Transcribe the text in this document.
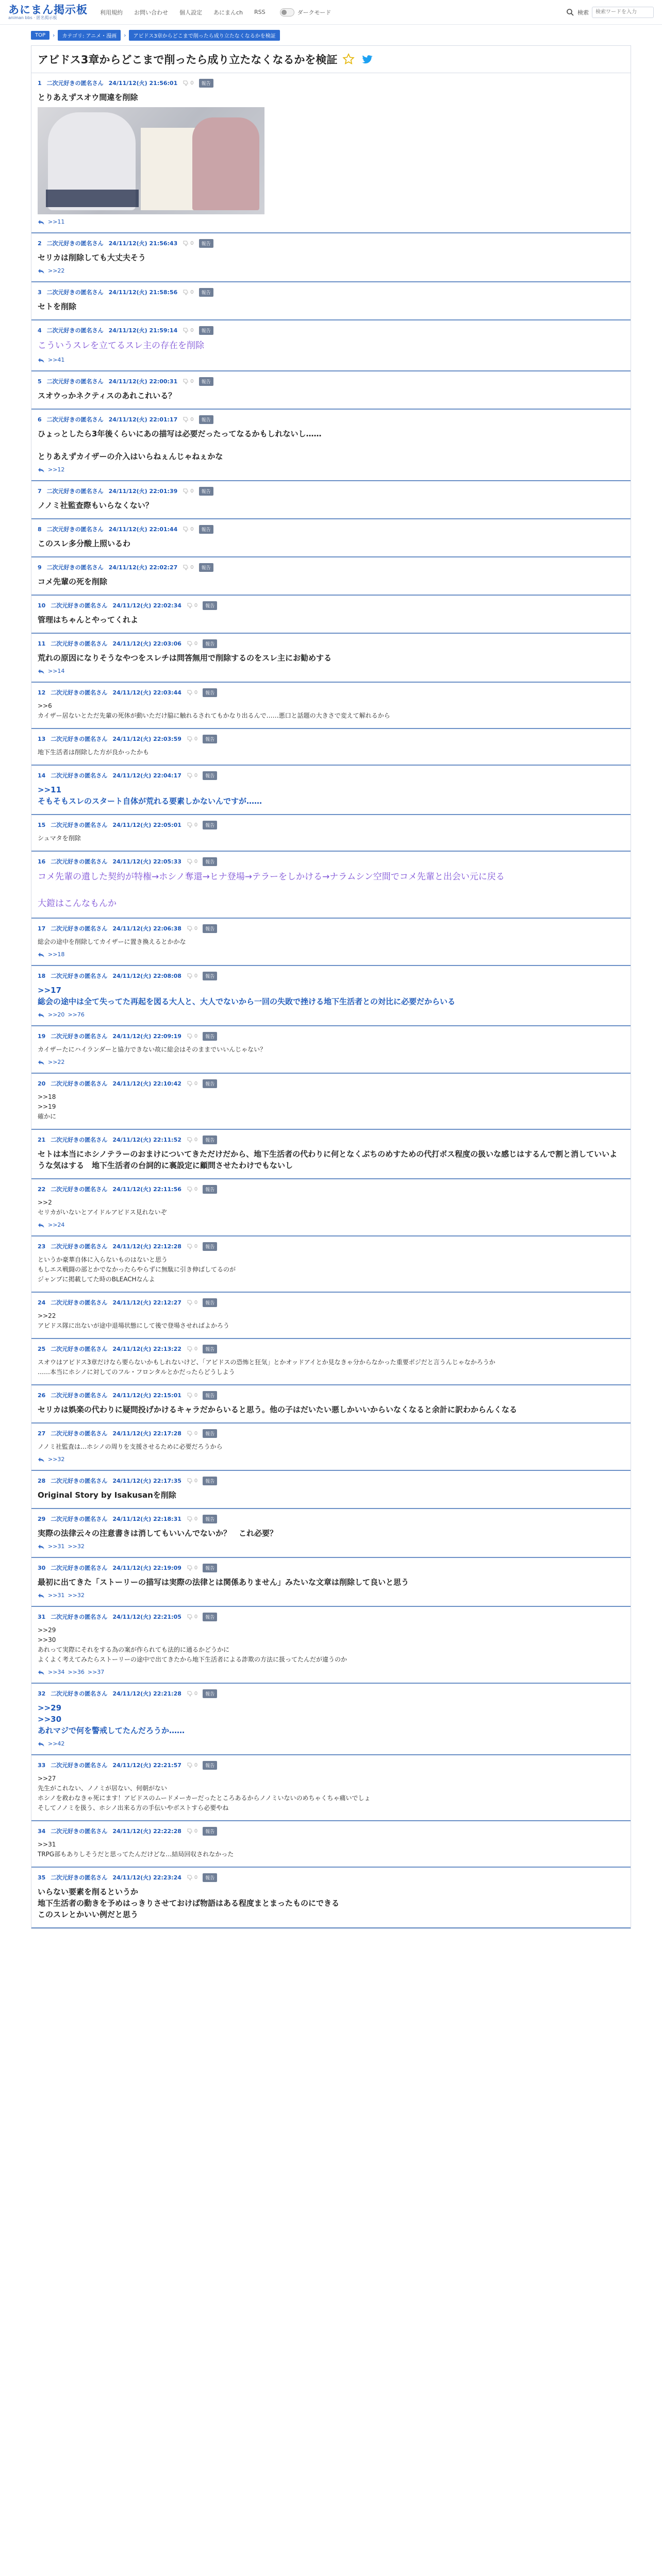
あにまん掲示板
animan bbs · 匿名掲示板
利用規約 お問い合わせ 個人設定 あにまんch RSS	ダークモード	検索
検索ワードを入力
TOP	›	カテゴリ: アニメ・漫画	›	アビドス3章からどこまで削ったら成り立たなくなるかを検証
アビドス3章からどこまで削ったら成り立たなくなるかを検証
1 二次元好きの匿名さん 24/11/12(火) 21:56:01	0	報告
とりあえずスオウ間違を削除
>>11
2 二次元好きの匿名さん 24/11/12(火) 21:56:43	0	報告
セリカは削除しても大丈夫そう
>>22
3 二次元好きの匿名さん 24/11/12(火) 21:58:56	0	報告
セトを削除
4 二次元好きの匿名さん 24/11/12(火) 21:59:14	0	報告
こういうスレを立てるスレ主の存在を削除
>>41
5 二次元好きの匿名さん 24/11/12(火) 22:00:31	0	報告
スオウっかネクティスのあれこれいる？
6 二次元好きの匿名さん 24/11/12(火) 22:01:17	0	報告
ひょっとしたら3年後くらいにあの描写は必要だったってなるかもしれないし……

とりあえずカイザーの介入はいらねぇんじゃねぇかな
>>12
7 二次元好きの匿名さん 24/11/12(火) 22:01:39	0	報告
ノノミ社監査際もいらなくない？
8 二次元好きの匿名さん 24/11/12(火) 22:01:44	0	報告
このスレ多分酸上照いるわ
9 二次元好きの匿名さん 24/11/12(火) 22:02:27	0	報告
コメ先輩の死を削除
10 二次元好きの匿名さん 24/11/12(火) 22:02:34	0	報告
管理はちゃんとやってくれよ
11 二次元好きの匿名さん 24/11/12(火) 22:03:06	0	報告
荒れの原因になりそうなやつをスレチは問答無用で削除するのをスレ主にお勧めする
>>14
12 二次元好きの匿名さん 24/11/12(火) 22:03:44	0	報告
>>6
カイザー居ないとただ先輩の死体が動いただけ脇に触れるされてもかなり出るんで……悪口と話題の大きさで変えて解れるから
13 二次元好きの匿名さん 24/11/12(火) 22:03:59	0	報告
地下生活者は削除した方が良かったかも
14 二次元好きの匿名さん 24/11/12(火) 22:04:17	0	報告
>>11
そもそもスレのスタート自体が荒れる要素しかないんですが……
15 二次元好きの匿名さん 24/11/12(火) 22:05:01	0	報告
シュマタを削除
16 二次元好きの匿名さん 24/11/12(火) 22:05:33	0	報告
コメ先輩の遺した契約が特権→ホシノ奪還→ヒナ登場→テラーをしかける→ナラムシン空間でコメ先輩と出会い元に戻る

大鎧はこんなもんか
17 二次元好きの匿名さん 24/11/12(火) 22:06:38	0	報告
総会の途中を削除してカイザーに置き換えるとかかな
>>18
18 二次元好きの匿名さん 24/11/12(火) 22:08:08	0	報告
>>17
総会の途中は全て失ってた再起を図る大人と、大人でないから一回の失敗で挫ける地下生活者との対比に必要だからいる
>>20 >>76
19 二次元好きの匿名さん 24/11/12(火) 22:09:19	0	報告
カイザーたにハイランダーと協力できない故に総会はそのままでいいんじゃない？
>>22
20 二次元好きの匿名さん 24/11/12(火) 22:10:42	0	報告
>>18
>>19
確かに
21 二次元好きの匿名さん 24/11/12(火) 22:11:52	0	報告
セトは本当にホシノテラーのおまけについてきただけだから、地下生活者の代わりに何となくぶちのめすための代打ボス程度の扱いな感じはするんで割と消していいような気はする　地下生活者の台詞的に裏設定に顧問させたわけでもないし
22 二次元好きの匿名さん 24/11/12(火) 22:11:56	0	報告
>>2
セリカがいないとアイドルアビドス見れないぞ
>>24
23 二次元好きの匿名さん 24/11/12(火) 22:12:28	0	報告
というか豪華自体に入らないものはないと思う
もしエス戦闘の部とかでなかったらやらずに無駄に引き伸ばしてるのが
ジャンプに掲載してた時のBLEACHなんよ
24 二次元好きの匿名さん 24/11/12(火) 22:12:27	0	報告
>>22
アビドス隊に出ないが途中退場状態にして後で登場させればよかろう
25 二次元好きの匿名さん 24/11/12(火) 22:13:22	0	報告
スオウはアビドス3章だけなら要らないかもしれないけど、「アビドスの恐怖と狂気」とかオッドアイとか見なきゃ分からなかった重要ポジだと言うんじゃなかろうか
……本当にホシノに対してのフル・フロンタルとかだったらどうしよう
26 二次元好きの匿名さん 24/11/12(火) 22:15:01	0	報告
セリカは娯楽の代わりに疑問投げかけるキャラだからいると思う。他の子はだいたい悪しかいいからいなくなると余計に訳わからんくなる
27 二次元好きの匿名さん 24/11/12(火) 22:17:28	0	報告
ノノミ社監査は…ホシノの周りを支援させるために必要だろうから
>>32
28 二次元好きの匿名さん 24/11/12(火) 22:17:35	0	報告
Original Story by Isakusanを削除
29 二次元好きの匿名さん 24/11/12(火) 22:18:31	0	報告
実際の法律云々の注意書きは消してもいいんでないか？　これ必要？
>>31 >>32
30 二次元好きの匿名さん 24/11/12(火) 22:19:09	0	報告
最初に出てきた「ストーリーの描写は実際の法律とは関係ありません」みたいな文章は削除して良いと思う
>>31 >>32
31 二次元好きの匿名さん 24/11/12(火) 22:21:05	0	報告
>>29
>>30
あれって実際にそれをする為の案が作られても法的に通るかどうかに
よくよく考えてみたらストーリーの途中で出てきたから地下生活者による詐欺の方法に扱ってたんだが違うのか
>>34 >>36 >>37
32 二次元好きの匿名さん 24/11/12(火) 22:21:28	0	報告
>>29
>>30
あれマジで何を警戒してたんだろうか……
>>42
33 二次元好きの匿名さん 24/11/12(火) 22:21:57	0	報告
>>27
先生がこれない、ノノミが居ない、何朝がない
ホシノを救わなきゃ死にます！アビドスのムードメーカーだったところあるからノノミいないのめちゃくちゃ痛いでしょ
そしてノノミを扱う、ホシノ出来る方の手伝いやボストすら必要やね
34 二次元好きの匿名さん 24/11/12(火) 22:22:28	0	報告
>>31
TRPG部もありしそうだと思ってたんだけどな…結局回収されなかった
35 二次元好きの匿名さん 24/11/12(火) 22:23:24	0	報告
いらない要素を削るというか
地下生活者の動きを予めはっきりさせておけば物語はある程度まとまったものにできる
このスレとかいい例だと思う
